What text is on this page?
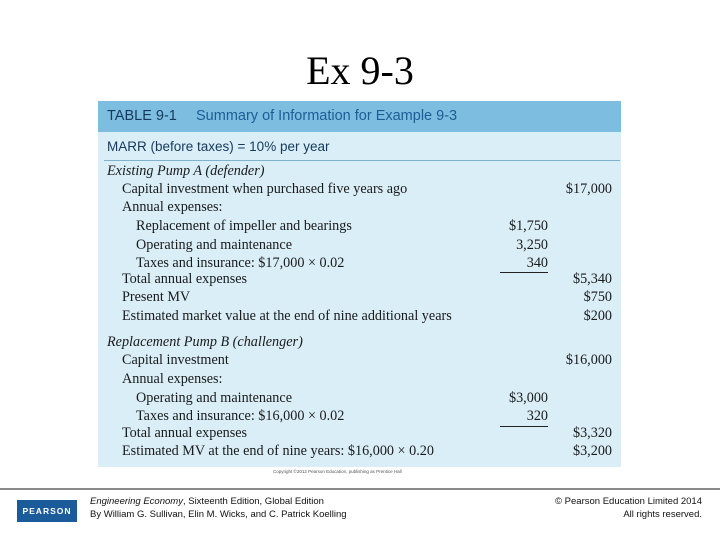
Ex 9-3
TABLE 9-1 Summary of Information for Example 9-3
MARR (before taxes) = 10% per year
Existing Pump A (defender)
Capital investment when purchased five years ago	$17,000
Annual expenses:
Replacement of impeller and bearings	$1,750
Operating and maintenance	3,250
Taxes and insurance: $17,000 × 0.02	340
Total annual expenses	$5,340
Present MV	$750
Estimated market value at the end of nine additional years	$200
Replacement Pump B (challenger)
Capital investment	$16,000
Annual expenses:
Operating and maintenance	$3,000
Taxes and insurance: $16,000 × 0.02	320
Total annual expenses	$3,320
Estimated MV at the end of nine years: $16,000 × 0.20	$3,200
Copyright ©2012 Pearson Education, publishing as Prentice Hall
PEARSON
Engineering Economy, Sixteenth Edition, Global Edition
By William G. Sullivan, Elin M. Wicks, and C. Patrick Koelling
© Pearson Education Limited 2014
All rights reserved.
